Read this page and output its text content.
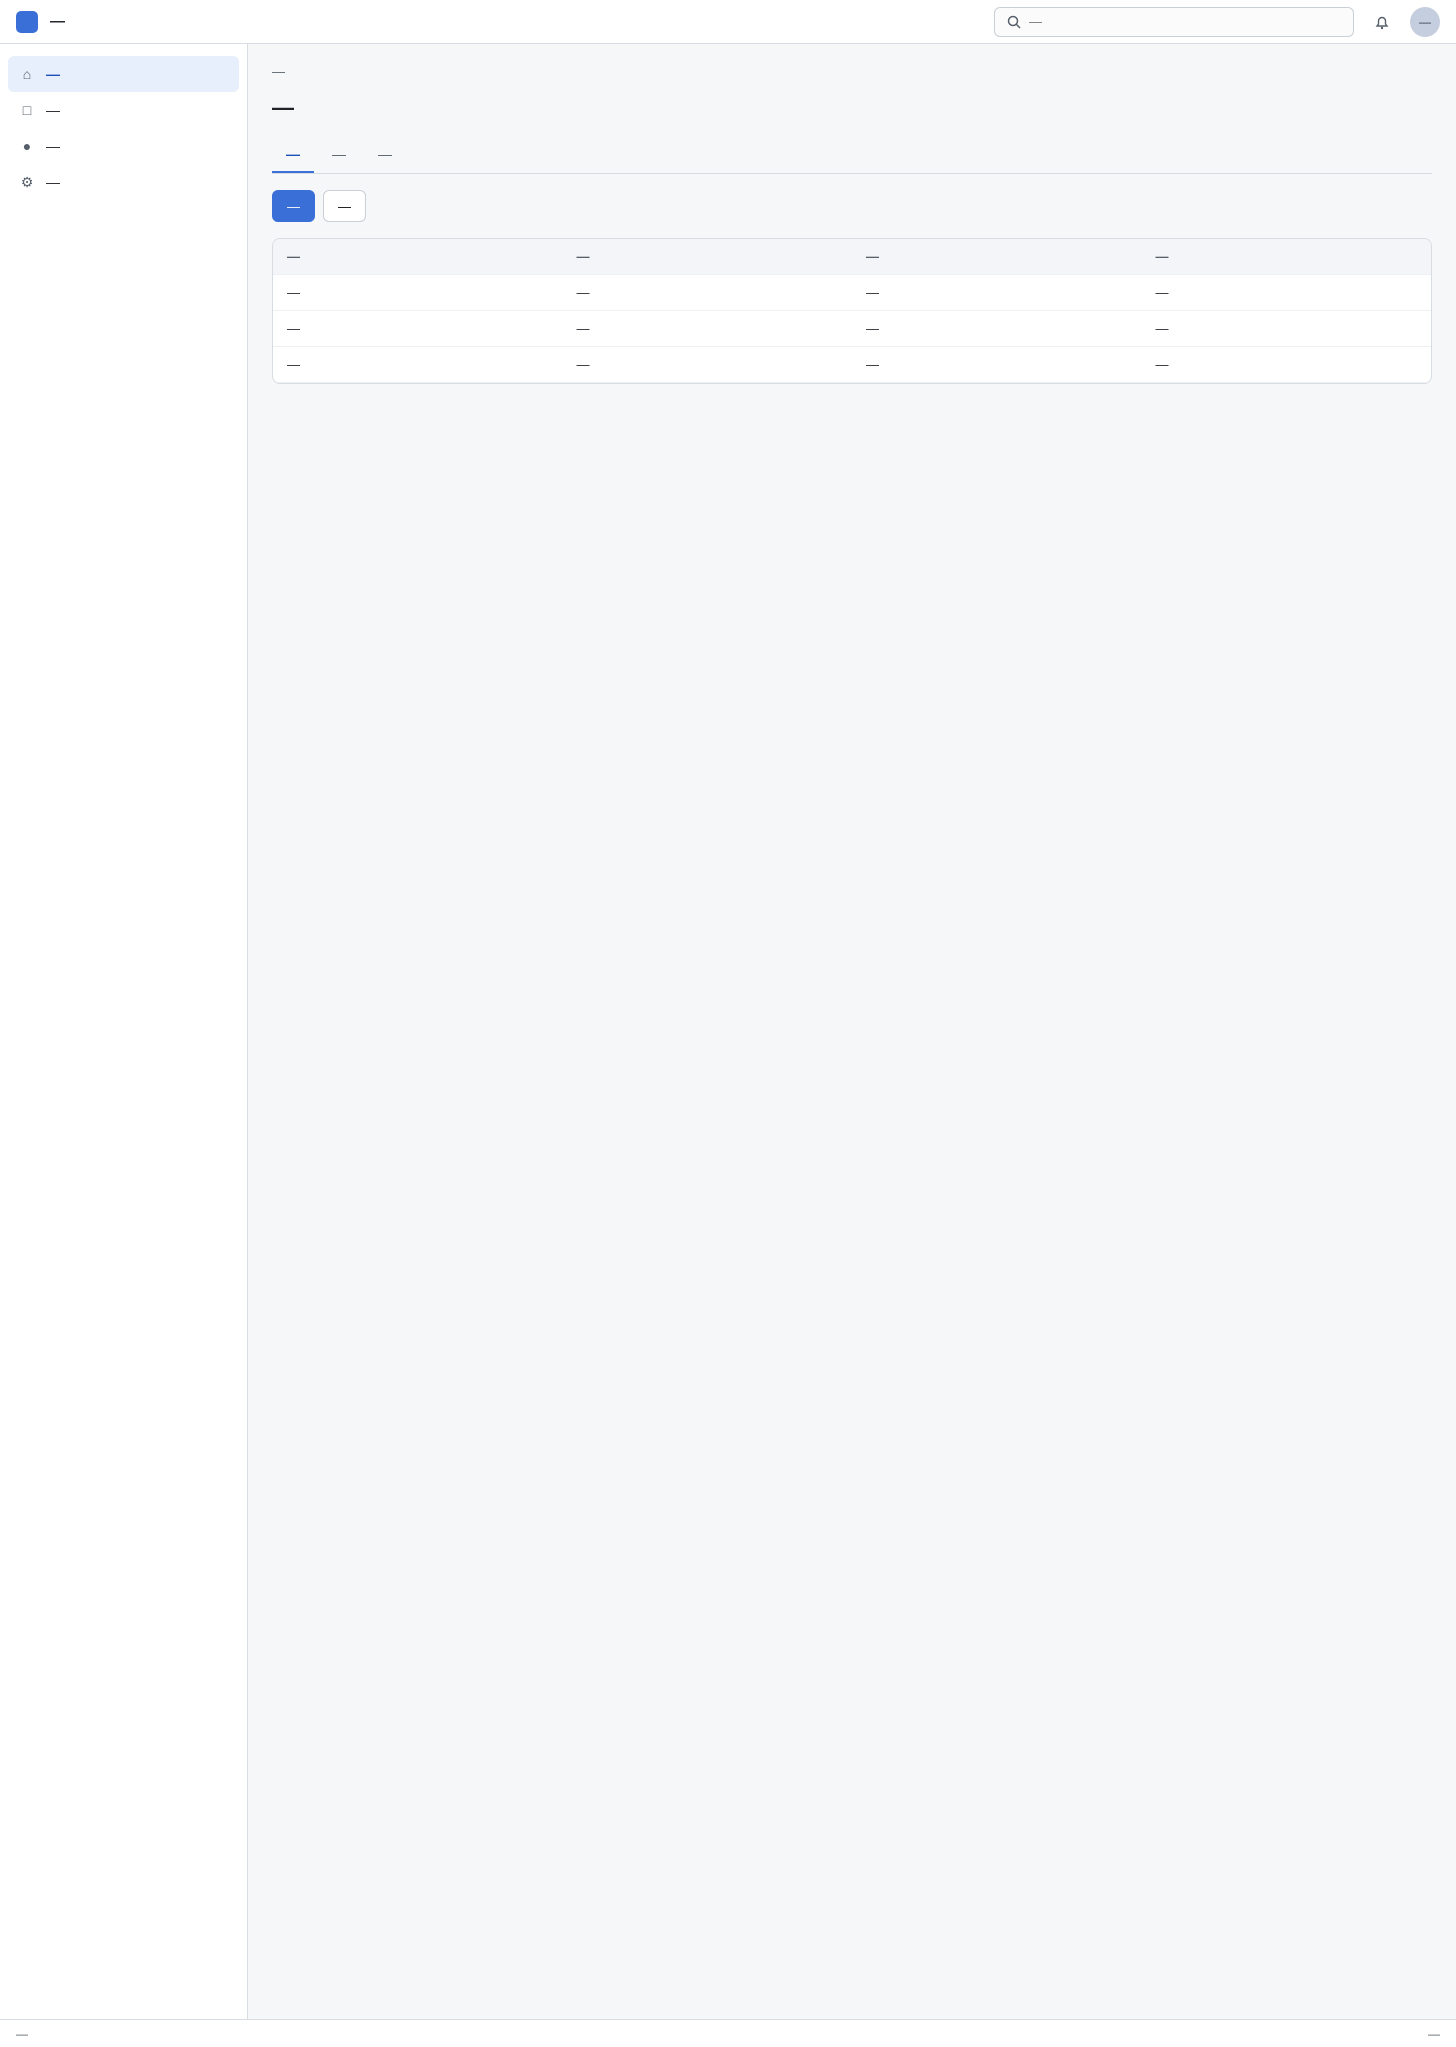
—
—	—
⌂	—
□	—
●	—
⚙ —
—
—
—	—	—
—	—
—	—	—	—
—	—	—	—
—	—	—	—
—	—	—	—
—	—
